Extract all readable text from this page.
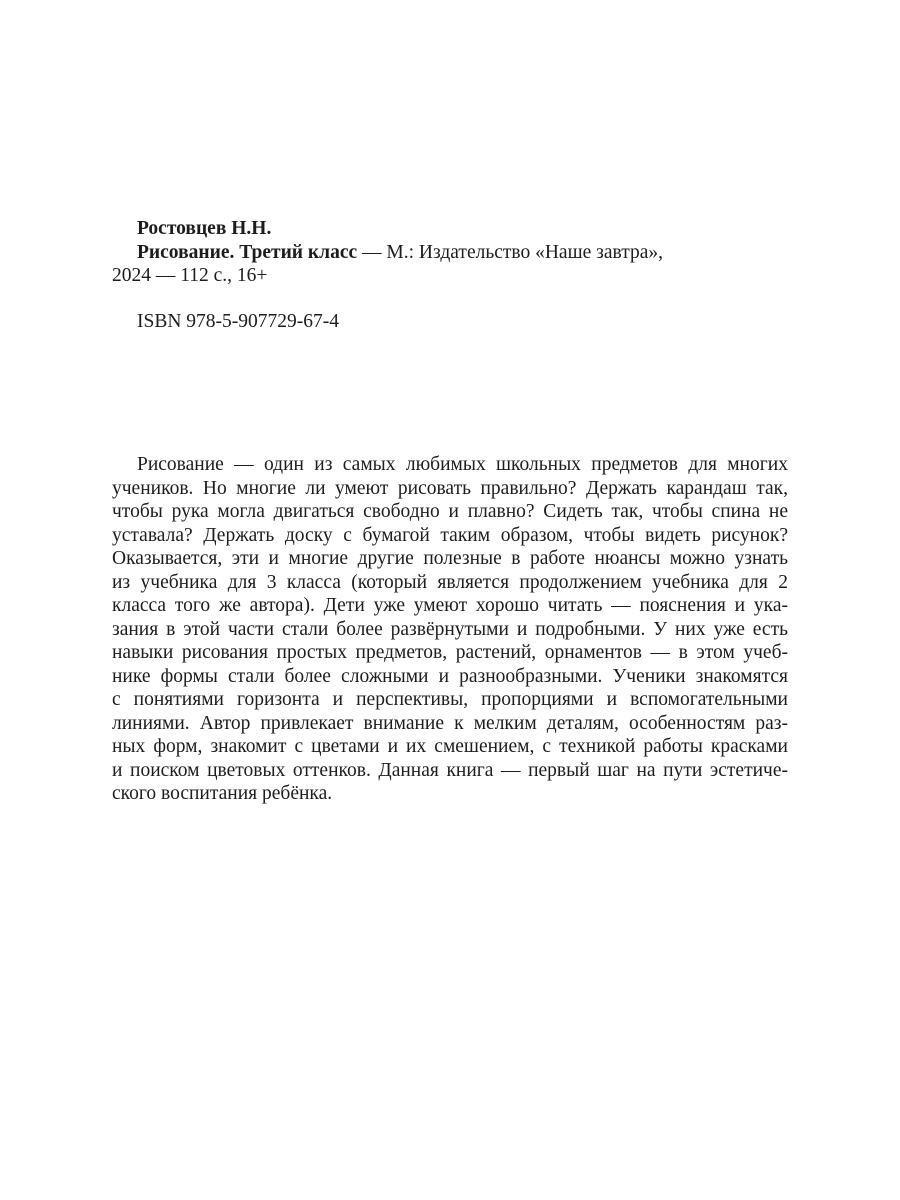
Ростовцев Н.Н.
Рисование. Третий класс — М.: Издательство «Наше завтра»,
2024 — 112 с., 16+
ISBN 978-5-907729-67-4
Рисование — один из самых любимых школьных предметов для многих
учеников. Но многие ли умеют рисовать правильно? Держать карандаш так,
чтобы рука могла двигаться свободно и плавно? Сидеть так, чтобы спина не
уставала? Держать доску с бумагой таким образом, чтобы видеть рисунок?
Оказывается, эти и многие другие полезные в работе нюансы можно узнать
из учебника для 3 класса (который является продолжением учебника для 2
класса того же автора). Дети уже умеют хорошо читать — пояснения и ука-
зания в этой части стали более развёрнутыми и подробными. У них уже есть
навыки рисования простых предметов, растений, орнаментов — в этом учеб-
нике формы стали более сложными и разнообразными. Ученики знакомятся
с понятиями горизонта и перспективы, пропорциями и вспомогательными
линиями. Автор привлекает внимание к мелким деталям, особенностям раз-
ных форм, знакомит с цветами и их смешением, с техникой работы красками
и поиском цветовых оттенков. Данная книга — первый шаг на пути эстетиче-
ского воспитания ребёнка.
